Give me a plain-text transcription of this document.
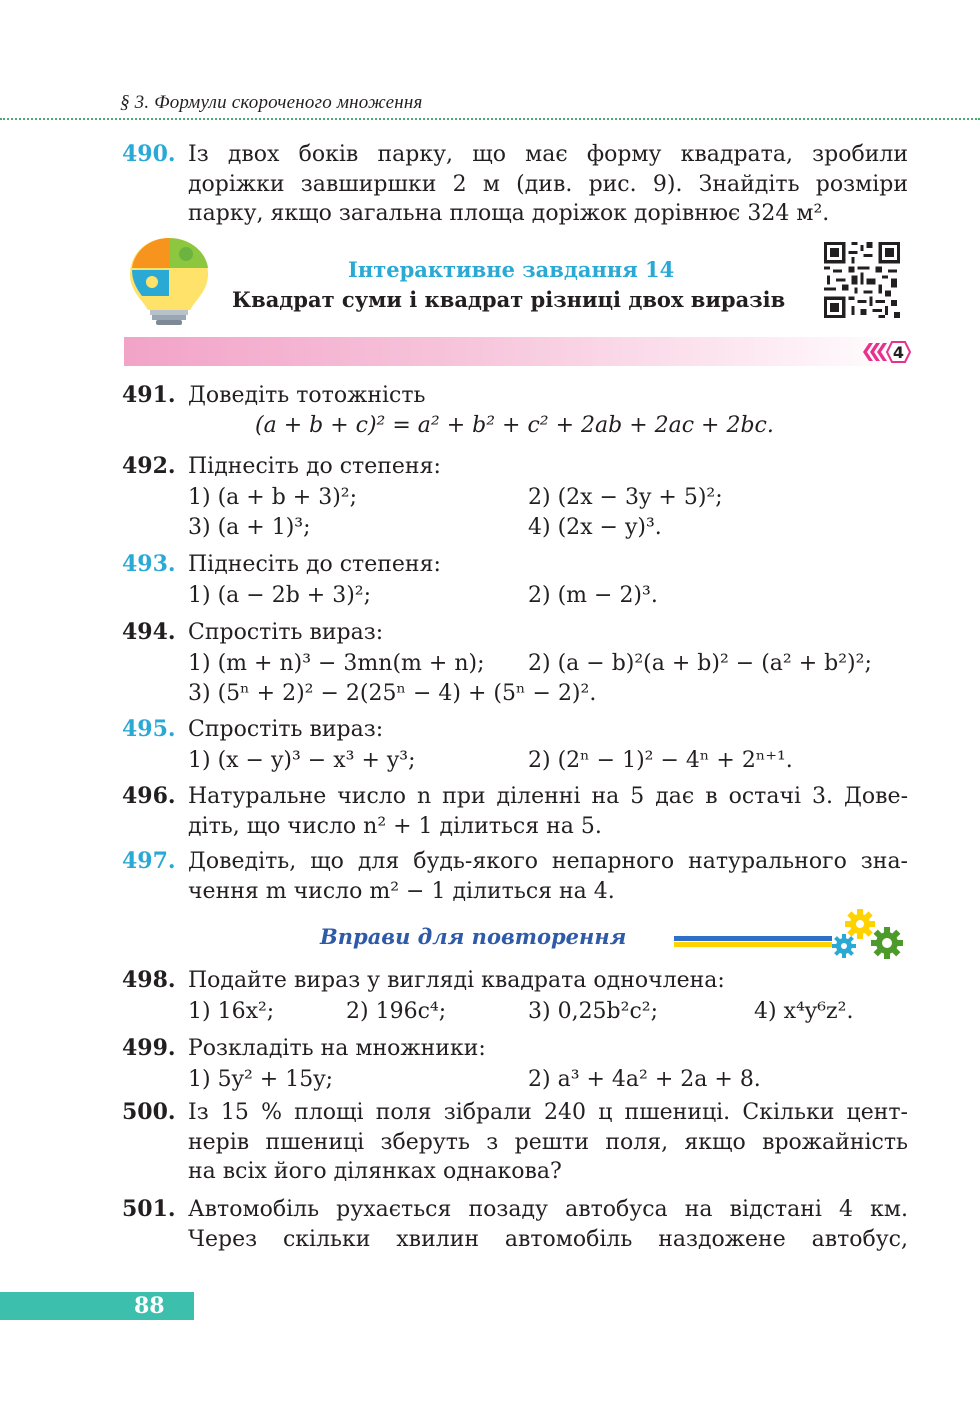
§ 3. Формули скороченого множення
490. Із двох боків парку, що має форму квадрата, зробили
доріжки завширшки 2 м (див. рис. 9). Знайдіть розміри
парку, якщо загальна площа доріжок дорівнює 324 м².
Інтерактивне завдання 14
Квадрат суми і квадрат різниці двох виразів
4
491. Доведіть тотожність
(a + b + c)² = a² + b² + c² + 2ab + 2ac + 2bc.
492. Піднесіть до степеня:
1) (a + b + 3)²;	2) (2x − 3y + 5)²;
3) (a + 1)³;	4) (2x − y)³.
493. Піднесіть до степеня:
1) (a − 2b + 3)²;	2) (m − 2)³.
494. Спростіть вираз:
1) (m + n)³ − 3mn(m + n); 2) (a − b)²(a + b)² − (a² + b²)²;
3) (5ⁿ + 2)² − 2(25ⁿ − 4) + (5ⁿ − 2)².
495. Спростіть вираз:
1) (x − y)³ − x³ + y³;	2) (2ⁿ − 1)² − 4ⁿ + 2ⁿ⁺¹.
496. Натуральне число n при діленні на 5 дає в остачі 3. Дове-
діть, що число n² + 1 ділиться на 5.
497. Доведіть, що для будь-якого непарного натурального зна-
чення m число m² − 1 ділиться на 4.
Вправи для повторення
498. Подайте вираз у вигляді квадрата одночлена:
1) 16x²;	2) 196c⁴;	3) 0,25b²c²;	4) x⁴y⁶z².
499. Розкладіть на множники:
1) 5y² + 15y;	2) a³ + 4a² + 2a + 8.
500. Із 15 % площі поля зібрали 240 ц пшениці. Скільки цент-
нерів пшениці зберуть з решти поля, якщо врожайність
на всіх його ділянках однакова?
501. Автомобіль рухається позаду автобуса на відстані 4 км.
Через скільки хвилин автомобіль наздожене автобус,
88
